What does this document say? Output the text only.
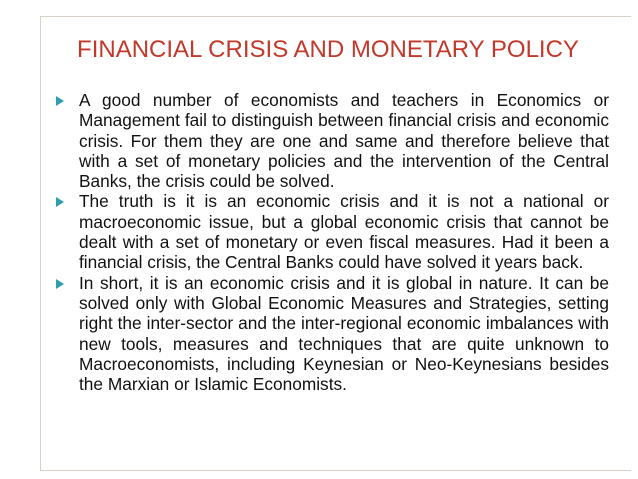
FINANCIAL CRISIS AND MONETARY POLICY
A good number of economists and teachers in Economics or Management fail to distinguish between financial crisis and economic crisis. For them they are one and same and therefore believe that with a set of monetary policies and the intervention of the Central Banks, the crisis could be solved.
The truth is it is an economic crisis and it is not a national or macroeconomic issue, but a global economic crisis that cannot be dealt with a set of monetary or even fiscal measures. Had it been a financial crisis, the Central Banks could have solved it years back.
In short, it is an economic crisis and it is global in nature. It can be solved only with Global Economic Measures and Strategies, setting right the inter-sector and the inter-regional economic imbalances with new tools, measures and techniques that are quite unknown to Macroeconomists, including Keynesian or Neo-Keynesians besides the Marxian or Islamic Economists.
